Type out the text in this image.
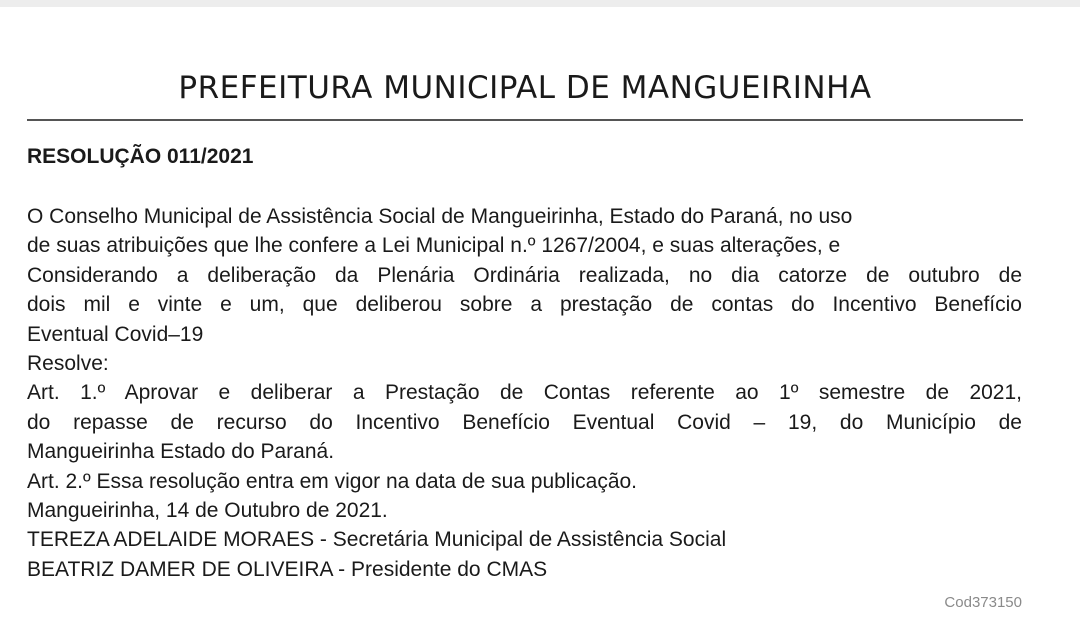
PREFEITURA MUNICIPAL DE MANGUEIRINHA
RESOLUÇÃO 011/2021
O Conselho Municipal de Assistência Social de Mangueirinha, Estado do Paraná, no uso
de suas atribuições que lhe confere a Lei Municipal n.º 1267/2004, e suas alterações, e
Considerando a deliberação da Plenária Ordinária realizada, no dia catorze de outubro de
dois mil e vinte e um, que deliberou sobre a prestação de contas do Incentivo Benefício
Eventual Covid–19
Resolve:
Art. 1.º Aprovar e deliberar a Prestação de Contas referente ao 1º semestre de 2021,
do repasse de recurso do Incentivo Benefício Eventual Covid – 19, do Município de
Mangueirinha Estado do Paraná.
Art. 2.º Essa resolução entra em vigor na data de sua publicação.
Mangueirinha, 14 de Outubro de 2021.
TEREZA ADELAIDE MORAES - Secretária Municipal de Assistência Social
BEATRIZ DAMER DE OLIVEIRA - Presidente do CMAS
Cod373150
